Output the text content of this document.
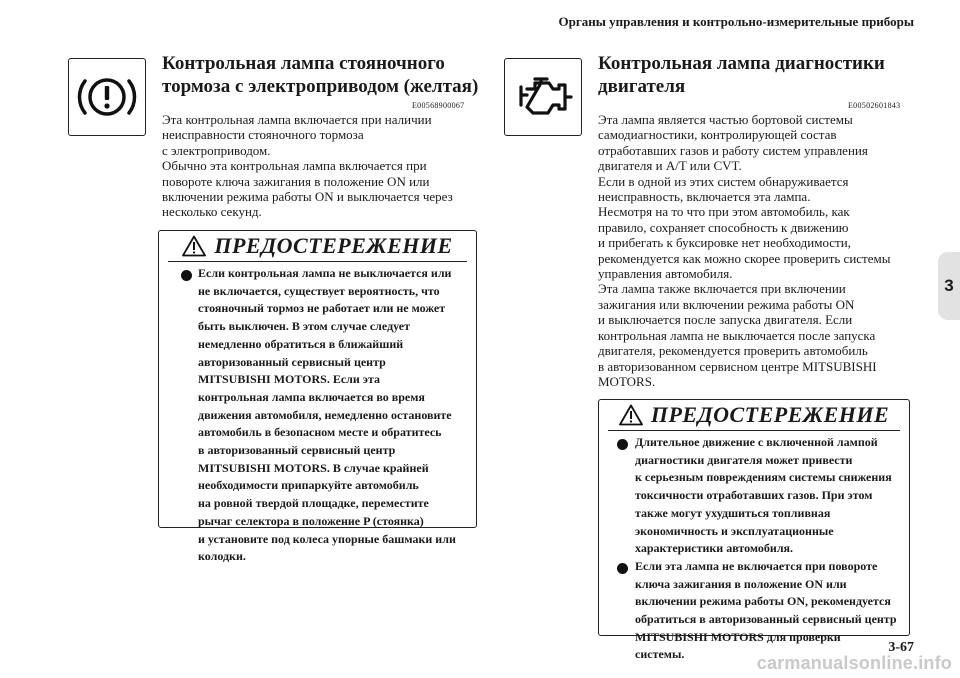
Органы управления и контрольно-измерительные приборы
3
Контрольная лампа стояночного
тормоза с электроприводом (желтая)
E00568900067
Эта контрольная лампа включается при наличии
неисправности стояночного тормоза
с электроприводом.
Обычно эта контрольная лампа включается при
повороте ключа зажигания в положение ON или
включении режима работы ON и выключается через
несколько секунд.
ПРЕДОСТЕРЕЖЕНИЕ
Если контрольная лампа не выключается или
не включается, существует вероятность, что
стояночный тормоз не работает или не может
быть выключен. В этом случае следует
немедленно обратиться в ближайший
авторизованный сервисный центр
MITSUBISHI MOTORS. Если эта
контрольная лампа включается во время
движения автомобиля, немедленно остановите
автомобиль в безопасном месте и обратитесь
в авторизованный сервисный центр
MITSUBISHI MOTORS. В случае крайней
необходимости припаркуйте автомобиль
на ровной твердой площадке, переместите
рычаг селектора в положение P (стоянка)
и установите под колеса упорные башмаки или
колодки.
Контрольная лампа диагностики
двигателя
E00502601843
Эта лампа является частью бортовой системы
самодиагностики, контролирующей состав
отработавших газов и работу систем управления
двигателя и A/T или CVT.
Если в одной из этих систем обнаруживается
неисправность, включается эта лампа.
Несмотря на то что при этом автомобиль, как
правило, сохраняет способность к движению
и прибегать к буксировке нет необходимости,
рекомендуется как можно скорее проверить системы
управления автомобиля.
Эта лампа также включается при включении
зажигания или включении режима работы ON
и выключается после запуска двигателя. Если
контрольная лампа не выключается после запуска
двигателя, рекомендуется проверить автомобиль
в авторизованном сервисном центре MITSUBISHI
MOTORS.
ПРЕДОСТЕРЕЖЕНИЕ
Длительное движение с включенной лампой
диагностики двигателя может привести
к серьезным повреждениям системы снижения
токсичности отработавших газов. При этом
также могут ухудшиться топливная
экономичность и эксплуатационные
характеристики автомобиля.
Если эта лампа не включается при повороте
ключа зажигания в положение ON или
включении режима работы ON, рекомендуется
обратиться в авторизованный сервисный центр
MITSUBISHI MOTORS для проверки
системы.	3-67
carmanualsonline.info
